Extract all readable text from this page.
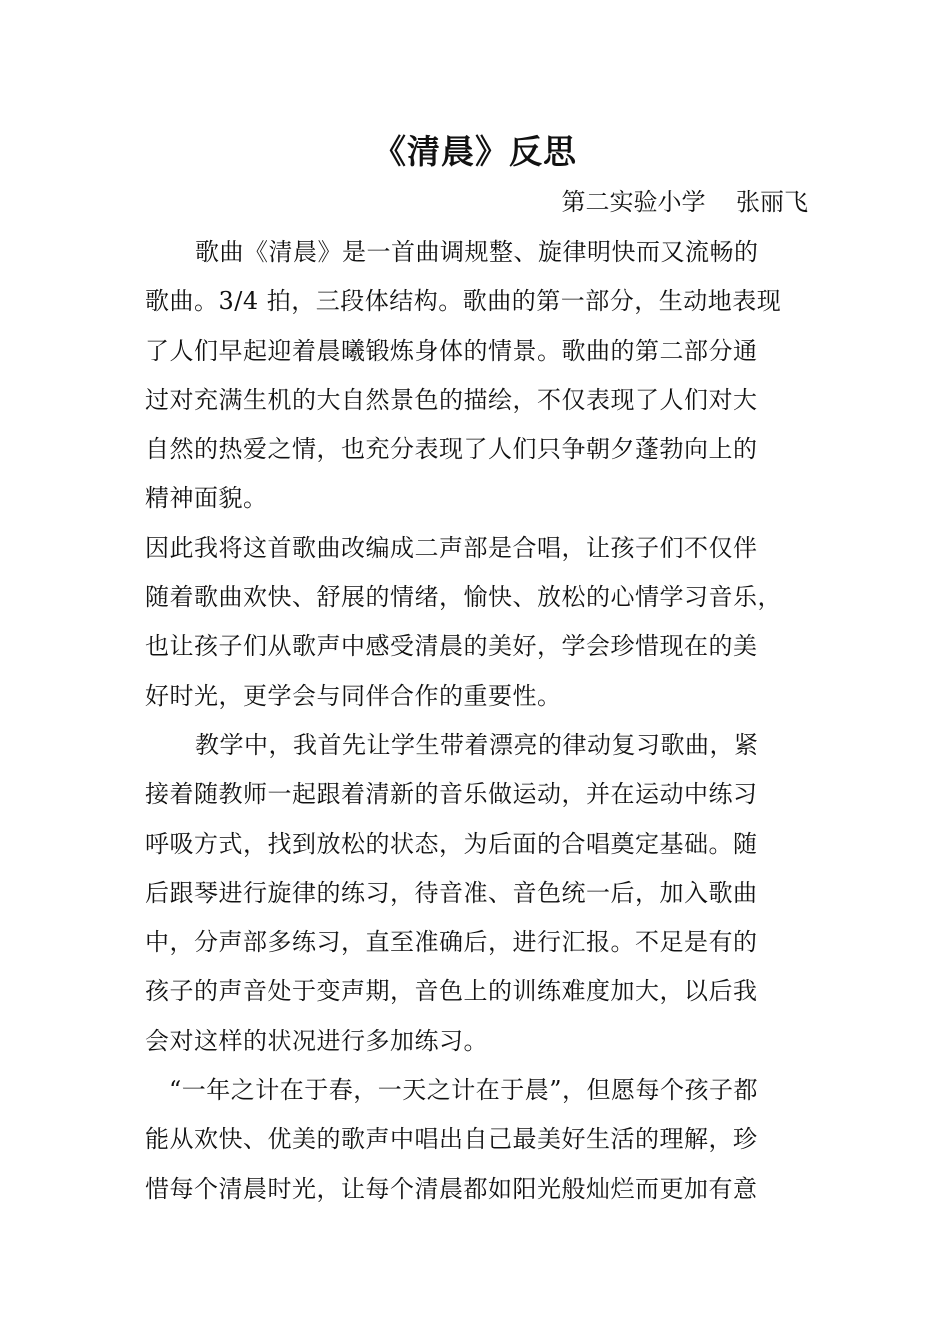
《清晨》反思
第二实验小学    张丽飞
歌曲《清晨》是一首曲调规整、旋律明快而又流畅的
歌曲。3/4 拍，三段体结构。歌曲的第一部分，生动地表现
了人们早起迎着晨曦锻炼身体的情景。歌曲的第二部分通
过对充满生机的大自然景色的描绘，不仅表现了人们对大
自然的热爱之情，也充分表现了人们只争朝夕蓬勃向上的
精神面貌。
因此我将这首歌曲改编成二声部是合唱，让孩子们不仅伴
随着歌曲欢快、舒展的情绪，愉快、放松的心情学习音乐，
也让孩子们从歌声中感受清晨的美好，学会珍惜现在的美
好时光，更学会与同伴合作的重要性。
教学中，我首先让学生带着漂亮的律动复习歌曲，紧
接着随教师一起跟着清新的音乐做运动，并在运动中练习
呼吸方式，找到放松的状态，为后面的合唱奠定基础。随
后跟琴进行旋律的练习，待音准、音色统一后，加入歌曲
中，分声部多练习，直至准确后，进行汇报。不足是有的
孩子的声音处于变声期，音色上的训练难度加大，以后我
会对这样的状况进行多加练习。
“一年之计在于春，一天之计在于晨”，但愿每个孩子都
能从欢快、优美的歌声中唱出自己最美好生活的理解，珍
惜每个清晨时光，让每个清晨都如阳光般灿烂而更加有意
